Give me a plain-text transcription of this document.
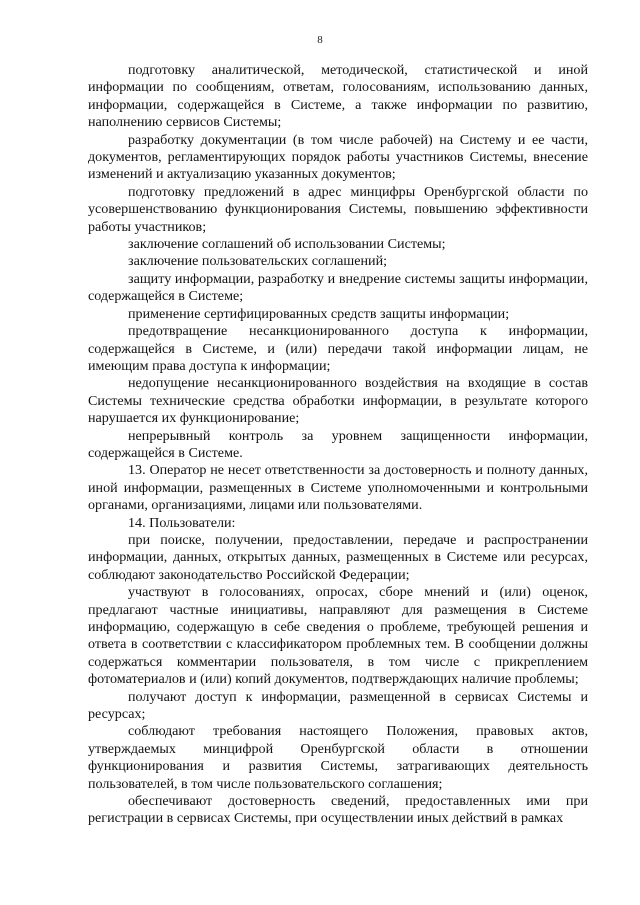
8

подготовку аналитической, методической, статистической и иной информации по сообщениям, ответам, голосованиям, использованию данных, информации, содержащейся в Системе, а также информации по развитию, наполнению сервисов Системы;

разработку документации (в том числе рабочей) на Систему и ее части, документов, регламентирующих порядок работы участников Системы, внесение изменений и актуализацию указанных документов;

подготовку предложений в адрес минцифры Оренбургской области по усовершенствованию функционирования Системы, повышению эффективности работы участников;

заключение соглашений об использовании Системы;

заключение пользовательских соглашений;

защиту информации, разработку и внедрение системы защиты информации, содержащейся в Системе;

применение сертифицированных средств защиты информации;

предотвращение несанкционированного доступа к информации, содержащейся в Системе, и (или) передачи такой информации лицам, не имеющим права доступа к информации;

недопущение несанкционированного воздействия на входящие в состав Системы технические средства обработки информации, в результате которого нарушается их функционирование;

непрерывный контроль за уровнем защищенности информации, содержащейся в Системе.

13. Оператор не несет ответственности за достоверность и полноту данных, иной информации, размещенных в Системе уполномоченными и контрольными органами, организациями, лицами или пользователями.

14. Пользователи:

при поиске, получении, предоставлении, передаче и распространении информации, данных, открытых данных, размещенных в Системе или ресурсах, соблюдают законодательство Российской Федерации;

участвуют в голосованиях, опросах, сборе мнений и (или) оценок, предлагают частные инициативы, направляют для размещения в Системе информацию, содержащую в себе сведения о проблеме, требующей решения и ответа в соответствии с классификатором проблемных тем. В сообщении должны содержаться комментарии пользователя, в том числе с прикреплением фотоматериалов и (или) копий документов, подтверждающих наличие проблемы;

получают доступ к информации, размещенной в сервисах Системы и ресурсах;

соблюдают требования настоящего Положения, правовых актов, утверждаемых минцифрой Оренбургской области в отношении функционирования и развития Системы, затрагивающих деятельность пользователей, в том числе пользовательского соглашения;

обеспечивают достоверность сведений, предоставленных ими при регистрации в сервисах Системы, при осуществлении иных действий в рамках
